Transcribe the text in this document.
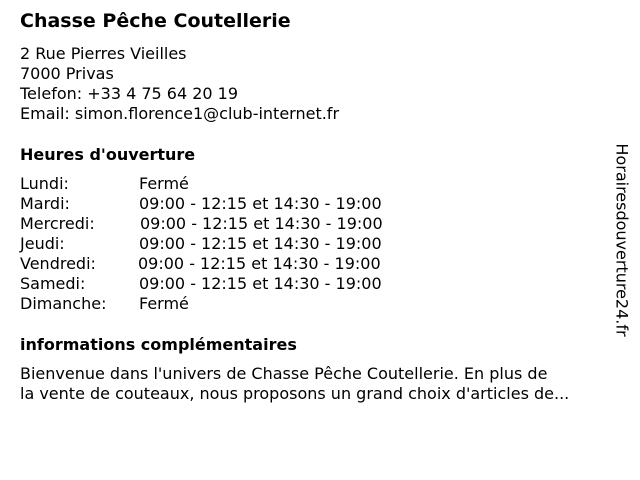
Chasse Pêche Coutellerie
2 Rue Pierres Vieilles
7000 Privas
Telefon: +33 4 75 64 20 19
Email: simon.florence1@club-internet.fr
Heures d'ouverture
Lundi:	Fermé
Mardi:	09:00 - 12:15 et 14:30 - 19:00
Mercredi:	09:00 - 12:15 et 14:30 - 19:00
Jeudi:	09:00 - 12:15 et 14:30 - 19:00
Vendredi:	09:00 - 12:15 et 14:30 - 19:00
Samedi:	09:00 - 12:15 et 14:30 - 19:00
Dimanche: Fermé
informations complémentaires
Bienvenue dans l'univers de Chasse Pêche Coutellerie. En plus de
la vente de couteaux, nous proposons un grand choix d'articles de...
Horairesdouverture24.fr
